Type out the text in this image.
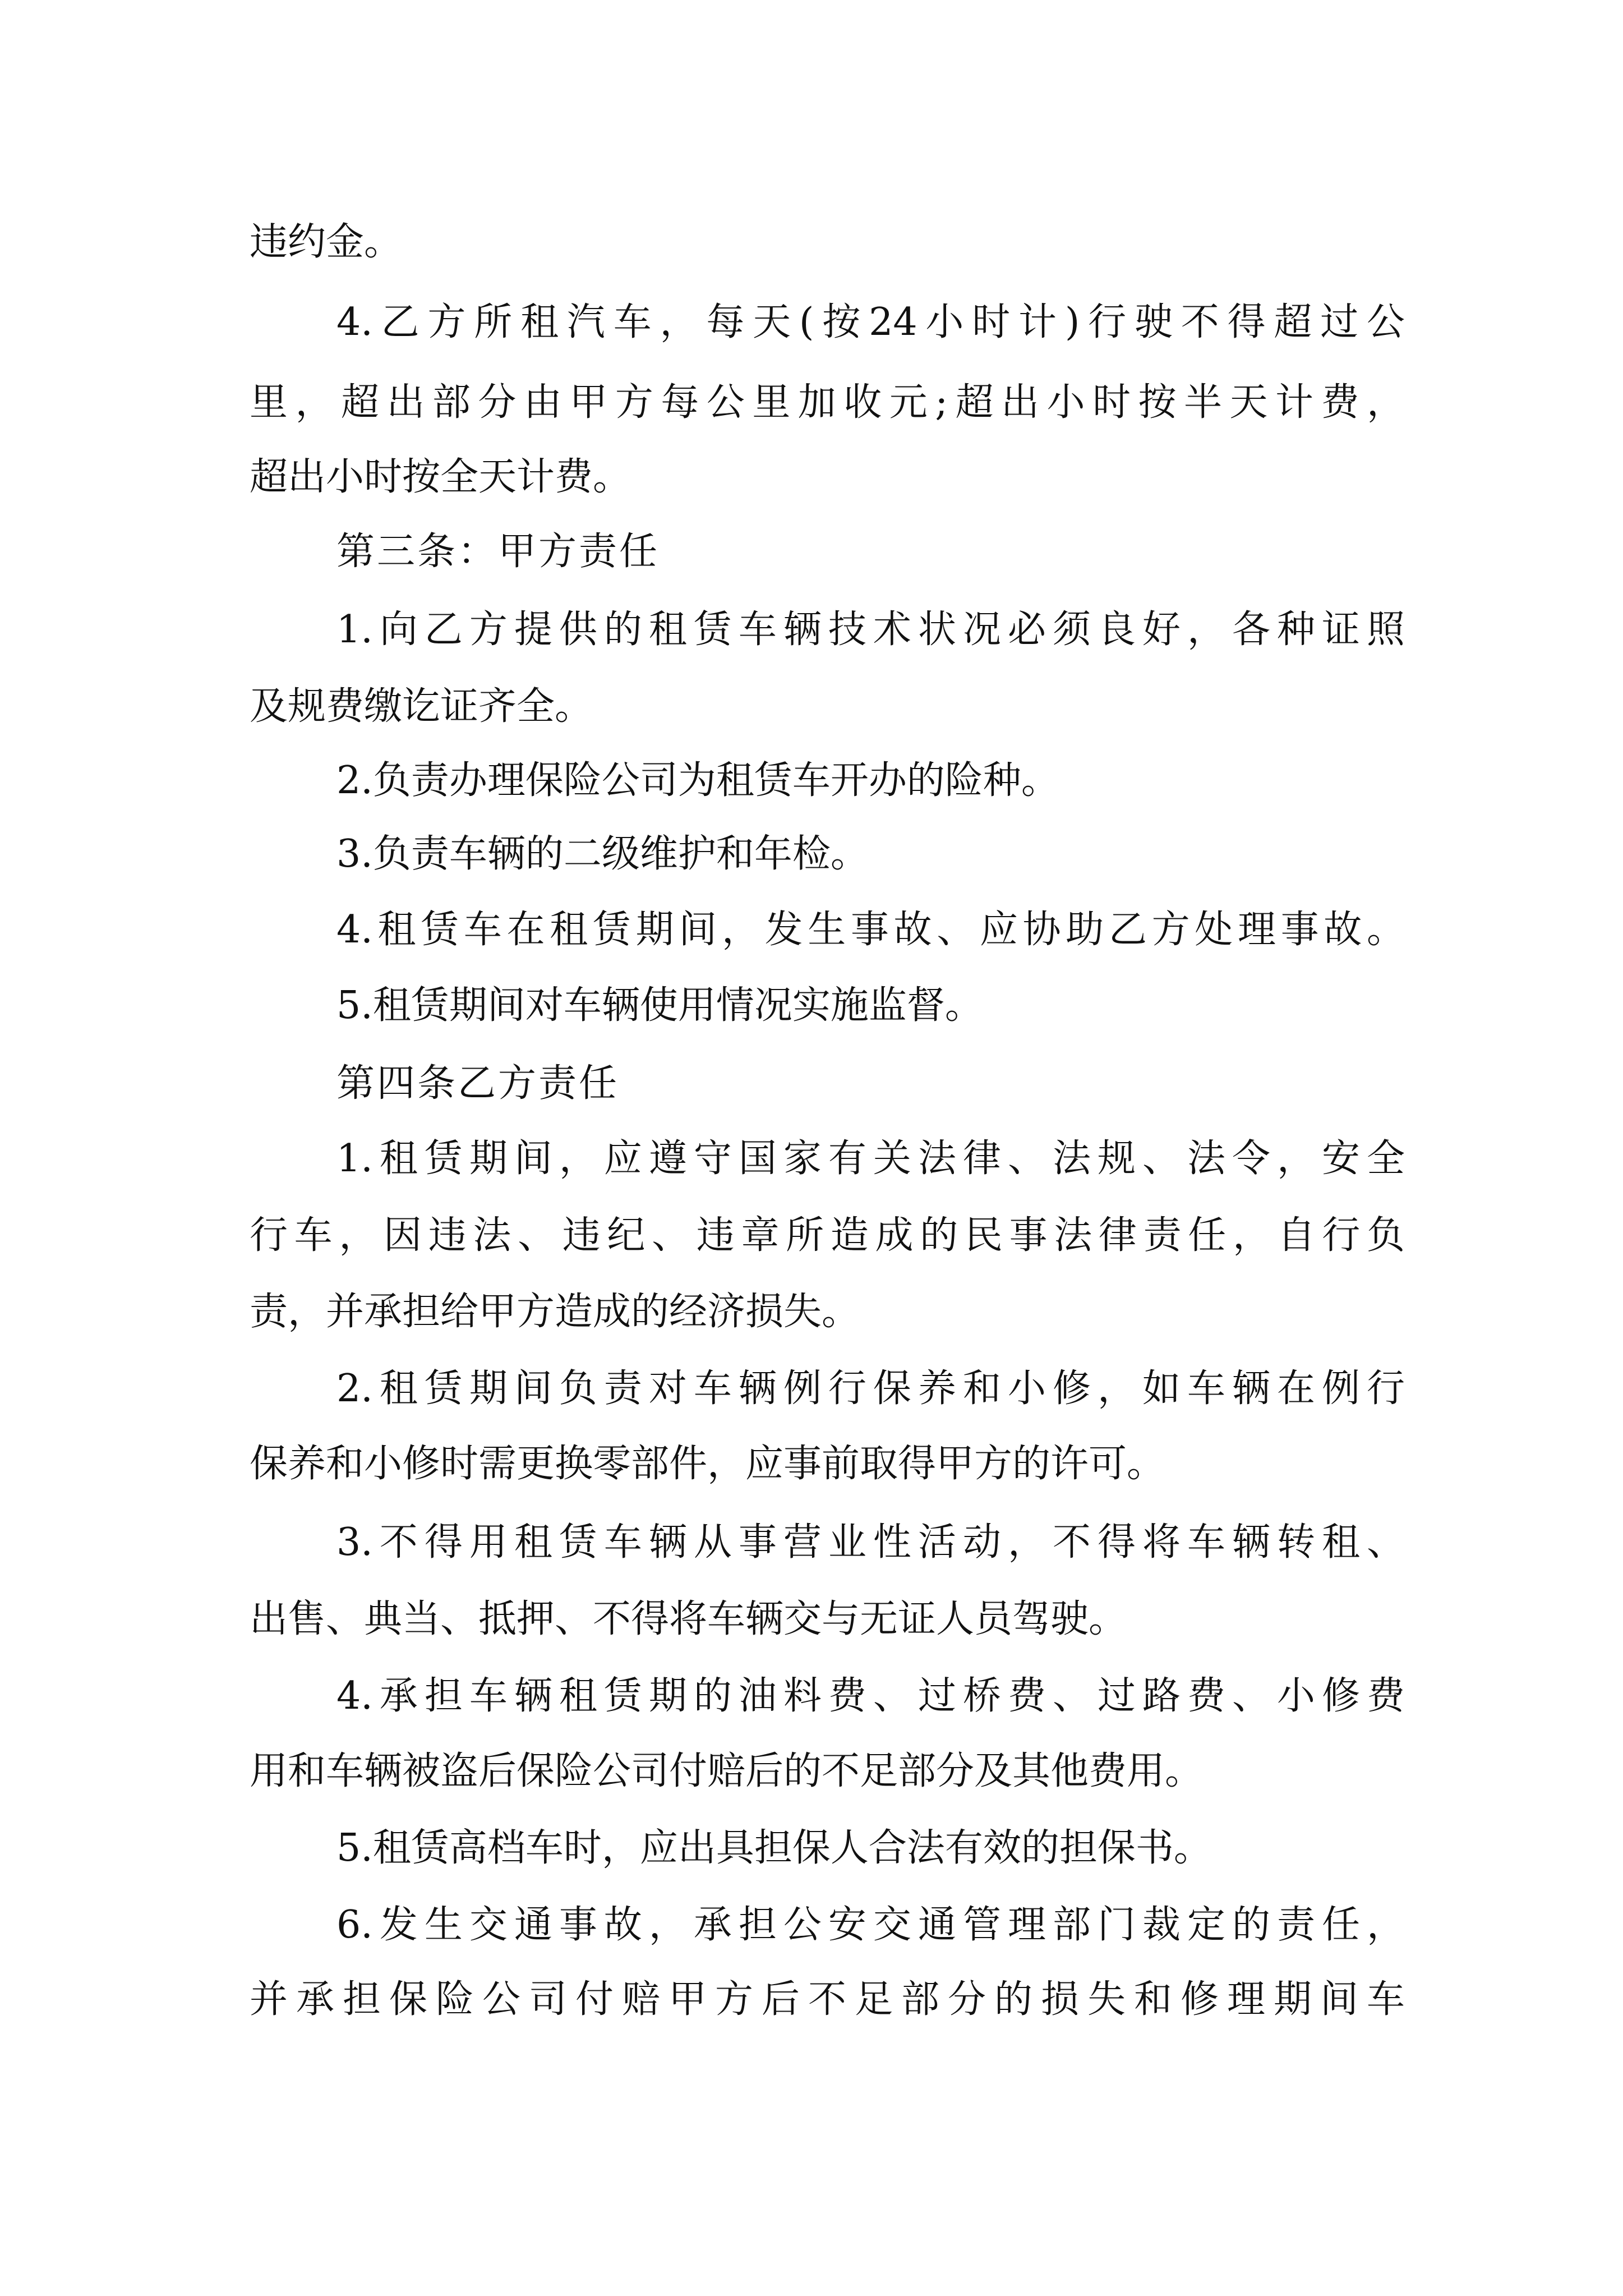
违约金。
4.乙方所租汽车，每天(按24小时计)行驶不得超过公
里，超出部分由甲方每公里加收元;超出小时按半天计费，
超出小时按全天计费。
第三条：甲方责任
1.向乙方提供的租赁车辆技术状况必须良好，各种证照
及规费缴讫证齐全。
2.负责办理保险公司为租赁车开办的险种。
3.负责车辆的二级维护和年检。
4.租赁车在租赁期间，发生事故、应协助乙方处理事故。
5.租赁期间对车辆使用情况实施监督。
第四条乙方责任
1.租赁期间，应遵守国家有关法律、法规、法令，安全
行车，因违法、违纪、违章所造成的民事法律责任，自行负
责，并承担给甲方造成的经济损失。
2.租赁期间负责对车辆例行保养和小修，如车辆在例行
保养和小修时需更换零部件，应事前取得甲方的许可。
3.不得用租赁车辆从事营业性活动，不得将车辆转租、
出售、典当、抵押、不得将车辆交与无证人员驾驶。
4.承担车辆租赁期的油料费、过桥费、过路费、小修费
用和车辆被盗后保险公司付赔后的不足部分及其他费用。
5.租赁高档车时，应出具担保人合法有效的担保书。
6.发生交通事故，承担公安交通管理部门裁定的责任，
并承担保险公司付赔甲方后不足部分的损失和修理期间车
